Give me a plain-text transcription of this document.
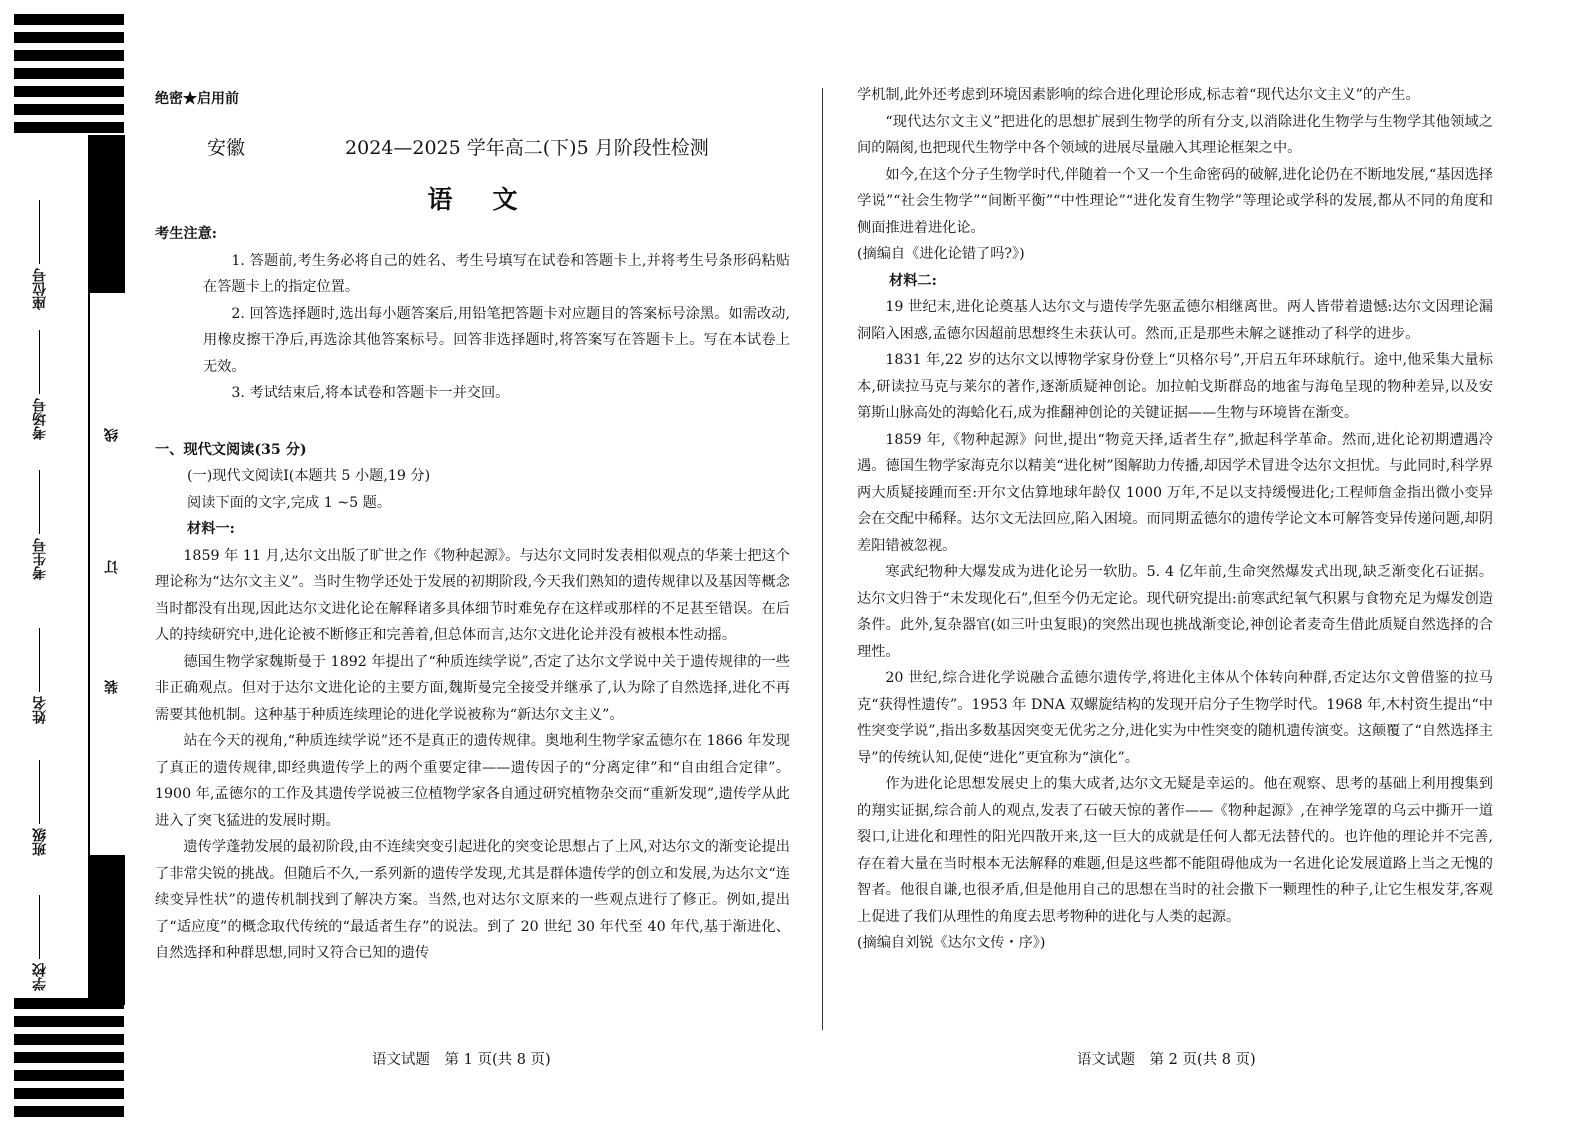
座位号
考场号
考生号
姓名
班级
学校
线
订
装
绝密★启用前
安徽	2024—2025 学年高二(下)5 月阶段性检测
语文
考生注意:

1. 答题前,考生务必将自己的姓名、考生号填写在试卷和答题卡上,并将考生号条形码粘贴在答题卡上的指定位置。

2. 回答选择题时,选出每小题答案后,用铅笔把答题卡对应题目的答案标号涂黑。如需改动,用橡皮擦干净后,再选涂其他答案标号。回答非选择题时,将答案写在答题卡上。写在本试卷上无效。

3. 考试结束后,将本试卷和答题卡一并交回。

一、现代文阅读(35 分)
(一)现代文阅读Ⅰ(本题共 5 小题,19 分)
阅读下面的文字,完成 1 ~5 题。
材料一:

1859 年 11 月,达尔文出版了旷世之作《物种起源》。与达尔文同时发表相似观点的华莱士把这个理论称为“达尔文主义”。当时生物学还处于发展的初期阶段,今天我们熟知的遗传规律以及基因等概念当时都没有出现,因此达尔文进化论在解释诸多具体细节时难免存在这样或那样的不足甚至错误。在后人的持续研究中,进化论被不断修正和完善着,但总体而言,达尔文进化论并没有被根本性动摇。

德国生物学家魏斯曼于 1892 年提出了“种质连续学说”,否定了达尔文学说中关于遗传规律的一些非正确观点。但对于达尔文进化论的主要方面,魏斯曼完全接受并继承了,认为除了自然选择,进化不再需要其他机制。这种基于种质连续理论的进化学说被称为“新达尔文主义”。

站在今天的视角,“种质连续学说”还不是真正的遗传规律。奥地利生物学家孟德尔在 1866 年发现了真正的遗传规律,即经典遗传学上的两个重要定律——遗传因子的“分离定律”和“自由组合定律”。1900 年,孟德尔的工作及其遗传学说被三位植物学家各自通过研究植物杂交而“重新发现”,遗传学从此进入了突飞猛进的发展时期。

遗传学蓬勃发展的最初阶段,由不连续突变引起进化的突变论思想占了上风,对达尔文的渐变论提出了非常尖锐的挑战。但随后不久,一系列新的遗传学发现,尤其是群体遗传学的创立和发展,为达尔文“连续变异性状”的遗传机制找到了解决方案。当然,也对达尔文原来的一些观点进行了修正。例如,提出了“适应度”的概念取代传统的“最适者生存”的说法。到了 20 世纪 30 年代至 40 年代,基于渐进化、自然选择和种群思想,同时又符合已知的遗传

学机制,此外还考虑到环境因素影响的综合进化理论形成,标志着“现代达尔文主义”的产生。

“现代达尔文主义”把进化的思想扩展到生物学的所有分支,以消除进化生物学与生物学其他领域之间的隔阂,也把现代生物学中各个领域的进展尽量融入其理论框架之中。

如今,在这个分子生物学时代,伴随着一个又一个生命密码的破解,进化论仍在不断地发展,“基因选择学说”“社会生物学”“间断平衡”“中性理论”“进化发育生物学”等理论或学科的发展,都从不同的角度和侧面推进着进化论。

(摘编自《进化论错了吗?》)

材料二:

19 世纪末,进化论奠基人达尔文与遗传学先驱孟德尔相继离世。两人皆带着遗憾:达尔文因理论漏洞陷入困惑,孟德尔因超前思想终生未获认可。然而,正是那些未解之谜推动了科学的进步。

1831 年,22 岁的达尔文以博物学家身份登上“贝格尔号”,开启五年环球航行。途中,他采集大量标本,研读拉马克与莱尔的著作,逐渐质疑神创论。加拉帕戈斯群岛的地雀与海龟呈现的物种差异,以及安第斯山脉高处的海蛤化石,成为推翻神创论的关键证据——生物与环境皆在渐变。

1859 年,《物种起源》问世,提出“物竞天择,适者生存”,掀起科学革命。然而,进化论初期遭遇冷遇。德国生物学家海克尔以精美“进化树”图解助力传播,却因学术冒进令达尔文担忧。与此同时,科学界两大质疑接踵而至:开尔文估算地球年龄仅 1000 万年,不足以支持缓慢进化;工程师詹金指出微小变异会在交配中稀释。达尔文无法回应,陷入困境。而同期孟德尔的遗传学论文本可解答变异传递问题,却阴差阳错被忽视。

寒武纪物种大爆发成为进化论另一软肋。5. 4 亿年前,生命突然爆发式出现,缺乏渐变化石证据。达尔文归咎于“未发现化石”,但至今仍无定论。现代研究提出:前寒武纪氧气积累与食物充足为爆发创造条件。此外,复杂器官(如三叶虫复眼)的突然出现也挑战渐变论,神创论者麦奇生借此质疑自然选择的合理性。

20 世纪,综合进化学说融合孟德尔遗传学,将进化主体从个体转向种群,否定达尔文曾借鉴的拉马克“获得性遗传”。1953 年 DNA 双螺旋结构的发现开启分子生物学时代。1968 年,木村资生提出“中性突变学说”,指出多数基因突变无优劣之分,进化实为中性突变的随机遗传演变。这颠覆了“自然选择主导”的传统认知,促使“进化”更宜称为“演化”。

作为进化论思想发展史上的集大成者,达尔文无疑是幸运的。他在观察、思考的基础上利用搜集到的翔实证据,综合前人的观点,发表了石破天惊的著作——《物种起源》,在神学笼罩的乌云中撕开一道裂口,让进化和理性的阳光四散开来,这一巨大的成就是任何人都无法替代的。也许他的理论并不完善,存在着大量在当时根本无法解释的难题,但是这些都不能阻碍他成为一名进化论发展道路上当之无愧的智者。他很自谦,也很矛盾,但是他用自己的思想在当时的社会撒下一颗理性的种子,让它生根发芽,客观上促进了我们从理性的角度去思考物种的进化与人类的起源。

(摘编自刘锐《达尔文传・序》)

语文试题　第 1 页(共 8 页)	语文试题　第 2 页(共 8 页)
